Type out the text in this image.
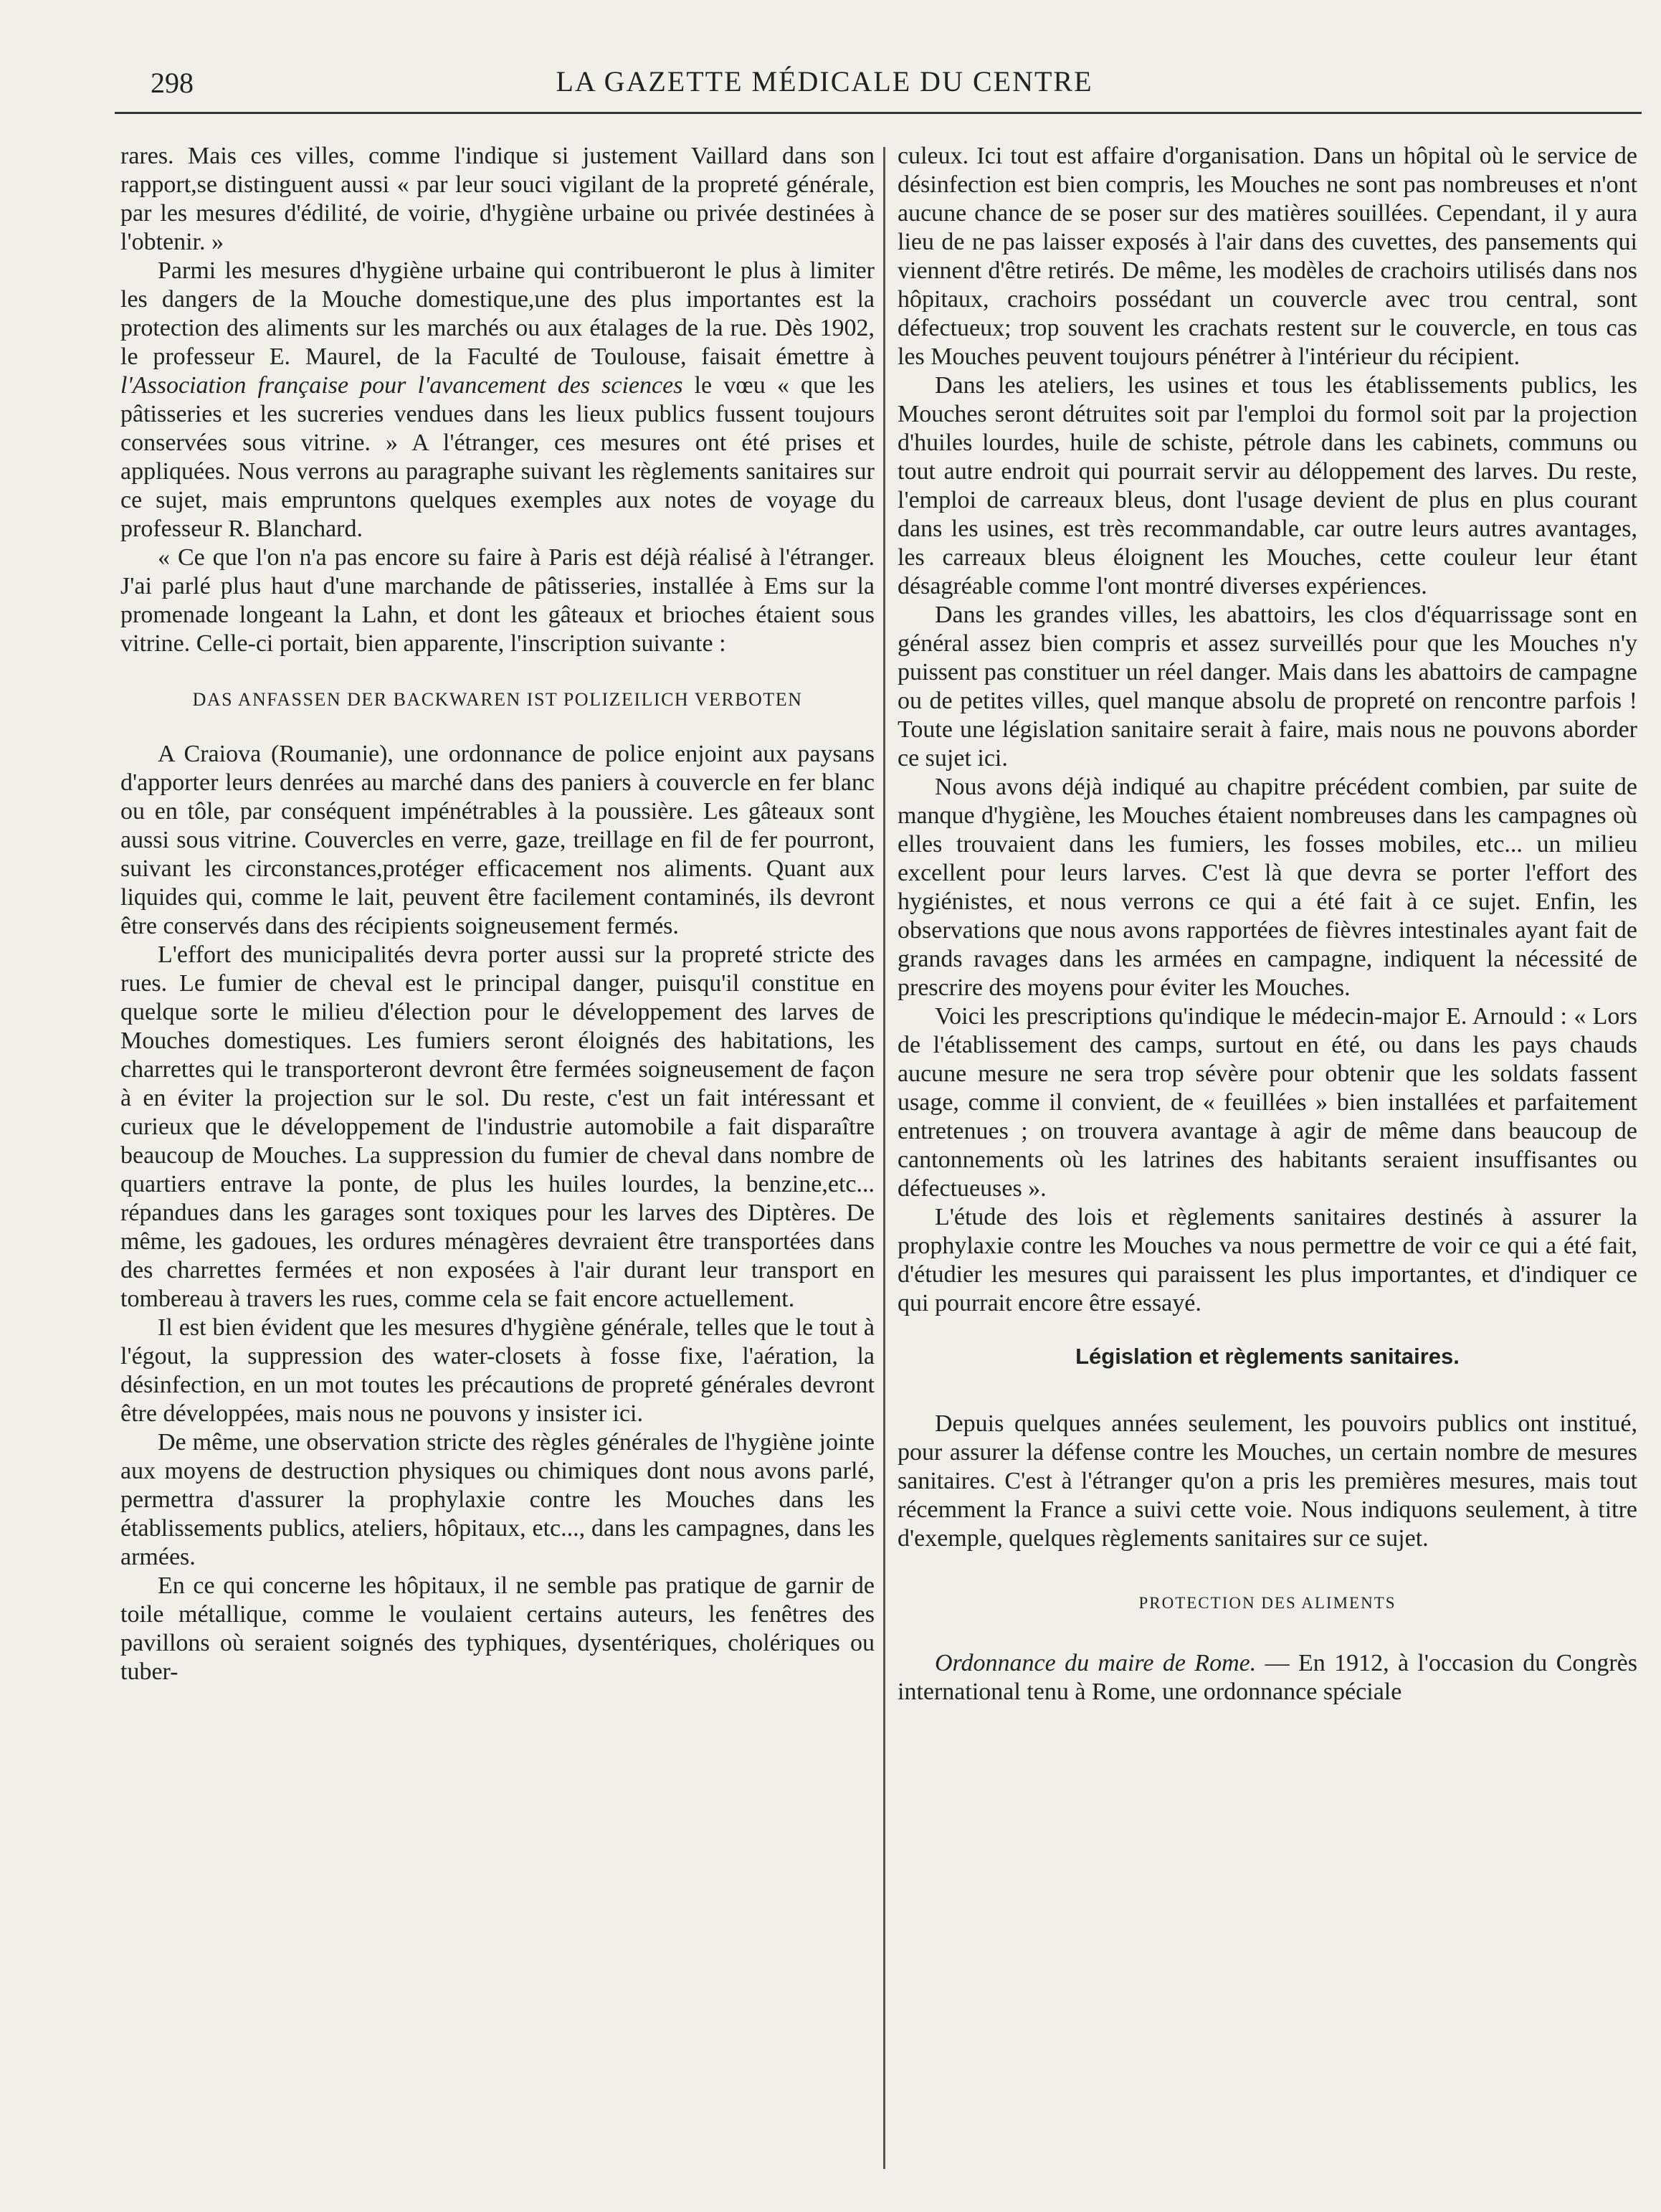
298	LA GAZETTE MÉDICALE DU CENTRE

rares. Mais ces villes, comme l'indique si justement Vaillard dans son rapport,se distinguent aussi « par leur souci vigilant de la propreté générale, par les mesures d'édilité, de voirie, d'hygiène urbaine ou privée destinées à l'obtenir. »

Parmi les mesures d'hygiène urbaine qui contribueront le plus à limiter les dangers de la Mouche domestique,une des plus importantes est la protection des aliments sur les marchés ou aux étalages de la rue. Dès 1902, le professeur E. Maurel, de la Faculté de Toulouse, faisait émettre à l'Association française pour l'avancement des sciences le vœu « que les pâtisseries et les sucreries vendues dans les lieux publics fussent toujours conservées sous vitrine. » A l'étranger, ces mesures ont été prises et appliquées. Nous verrons au paragraphe suivant les règlements sanitaires sur ce sujet, mais empruntons quelques exemples aux notes de voyage du professeur R. Blanchard.

« Ce que l'on n'a pas encore su faire à Paris est déjà réalisé à l'étranger. J'ai parlé plus haut d'une marchande de pâtisseries, installée à Ems sur la promenade longeant la Lahn, et dont les gâteaux et brioches étaient sous vitrine. Celle-ci portait, bien apparente, l'inscription suivante :

DAS ANFASSEN DER BACKWAREN IST POLIZEILICH VERBOTEN

A Craiova (Roumanie), une ordonnance de police enjoint aux paysans d'apporter leurs denrées au marché dans des paniers à couvercle en fer blanc ou en tôle, par conséquent impénétrables à la poussière. Les gâteaux sont aussi sous vitrine. Couvercles en verre, gaze, treillage en fil de fer pourront, suivant les circonstances,protéger efficacement nos aliments. Quant aux liquides qui, comme le lait, peuvent être facilement contaminés, ils devront être conservés dans des récipients soigneusement fermés.

L'effort des municipalités devra porter aussi sur la propreté stricte des rues. Le fumier de cheval est le principal danger, puisqu'il constitue en quelque sorte le milieu d'élection pour le développement des larves de Mouches domestiques. Les fumiers seront éloignés des habitations, les charrettes qui le transporteront devront être fermées soigneusement de façon à en éviter la projection sur le sol. Du reste, c'est un fait intéressant et curieux que le développement de l'industrie automobile a fait disparaître beaucoup de Mouches. La suppression du fumier de cheval dans nombre de quartiers entrave la ponte, de plus les huiles lourdes, la benzine,etc... répandues dans les garages sont toxiques pour les larves des Diptères. De même, les gadoues, les ordures ménagères devraient être transportées dans des charrettes fermées et non exposées à l'air durant leur transport en tombereau à travers les rues, comme cela se fait encore actuellement.

Il est bien évident que les mesures d'hygiène générale, telles que le tout à l'égout, la suppression des water-closets à fosse fixe, l'aération, la désinfection, en un mot toutes les précautions de propreté générales devront être développées, mais nous ne pouvons y insister ici.

De même, une observation stricte des règles générales de l'hygiène jointe aux moyens de destruction physiques ou chimiques dont nous avons parlé, permettra d'assurer la prophylaxie contre les Mouches dans les établissements publics, ateliers, hôpitaux, etc..., dans les campagnes, dans les armées.

En ce qui concerne les hôpitaux, il ne semble pas pratique de garnir de toile métallique, comme le voulaient certains auteurs, les fenêtres des pavillons où seraient soignés des typhiques, dysentériques, cholériques ou tuber-

culeux. Ici tout est affaire d'organisation. Dans un hôpital où le service de désinfection est bien compris, les Mouches ne sont pas nombreuses et n'ont aucune chance de se poser sur des matières souillées. Cependant, il y aura lieu de ne pas laisser exposés à l'air dans des cuvettes, des pansements qui viennent d'être retirés. De même, les modèles de crachoirs utilisés dans nos hôpitaux, crachoirs possédant un couvercle avec trou central, sont défectueux; trop souvent les crachats restent sur le couvercle, en tous cas les Mouches peuvent toujours pénétrer à l'intérieur du récipient.

Dans les ateliers, les usines et tous les établissements publics, les Mouches seront détruites soit par l'emploi du formol soit par la projection d'huiles lourdes, huile de schiste, pétrole dans les cabinets, communs ou tout autre endroit qui pourrait servir au déloppement des larves. Du reste, l'emploi de carreaux bleus, dont l'usage devient de plus en plus courant dans les usines, est très recommandable, car outre leurs autres avantages, les carreaux bleus éloignent les Mouches, cette couleur leur étant désagréable comme l'ont montré diverses expériences.

Dans les grandes villes, les abattoirs, les clos d'équarrissage sont en général assez bien compris et assez surveillés pour que les Mouches n'y puissent pas constituer un réel danger. Mais dans les abattoirs de campagne ou de petites villes, quel manque absolu de propreté on rencontre parfois ! Toute une législation sanitaire serait à faire, mais nous ne pouvons aborder ce sujet ici.

Nous avons déjà indiqué au chapitre précédent combien, par suite de manque d'hygiène, les Mouches étaient nombreuses dans les campagnes où elles trouvaient dans les fumiers, les fosses mobiles, etc... un milieu excellent pour leurs larves. C'est là que devra se porter l'effort des hygiénistes, et nous verrons ce qui a été fait à ce sujet. Enfin, les observations que nous avons rapportées de fièvres intestinales ayant fait de grands ravages dans les armées en campagne, indiquent la nécessité de prescrire des moyens pour éviter les Mouches.

Voici les prescriptions qu'indique le médecin-major E. Arnould : « Lors de l'établissement des camps, surtout en été, ou dans les pays chauds aucune mesure ne sera trop sévère pour obtenir que les soldats fassent usage, comme il convient, de « feuillées » bien installées et parfaitement entretenues ; on trouvera avantage à agir de même dans beaucoup de cantonnements où les latrines des habitants seraient insuffisantes ou défectueuses ».

L'étude des lois et règlements sanitaires destinés à assurer la prophylaxie contre les Mouches va nous permettre de voir ce qui a été fait, d'étudier les mesures qui paraissent les plus importantes, et d'indiquer ce qui pourrait encore être essayé.

Législation et règlements sanitaires.

Depuis quelques années seulement, les pouvoirs publics ont institué, pour assurer la défense contre les Mouches, un certain nombre de mesures sanitaires. C'est à l'étranger qu'on a pris les premières mesures, mais tout récemment la France a suivi cette voie. Nous indiquons seulement, à titre d'exemple, quelques règlements sanitaires sur ce sujet.

PROTECTION DES ALIMENTS

Ordonnance du maire de Rome. — En 1912, à l'occasion du Congrès international tenu à Rome, une ordonnance spéciale
